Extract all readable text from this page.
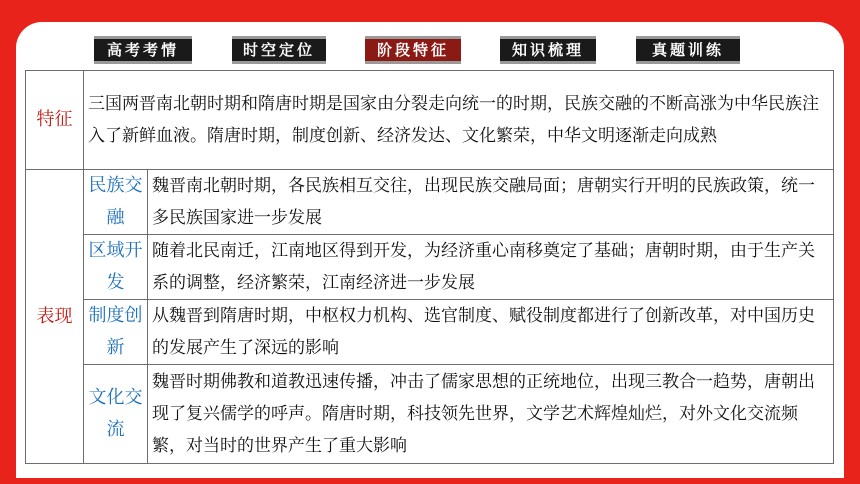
高考考情	时空定位	阶段特征	知识梳理	真题训练
特征	三国两晋南北朝时期和隋唐时期是国家由分裂走向统一的时期，民族交融的不断高涨为中华民族注入了新鲜血液。隋唐时期，制度创新、经济发达、文化繁荣，中华文明逐渐走向成熟	
表现	民族交融	魏晋南北朝时期，各民族相互交往，出现民族交融局面；唐朝实行开明的民族政策，统一多民族国家进一步发展
	区域开发	随着北民南迁，江南地区得到开发，为经济重心南移奠定了基础；唐朝时期，由于生产关系的调整，经济繁荣，江南经济进一步发展
	制度创新	从魏晋到隋唐时期，中枢权力机构、选官制度、赋役制度都进行了创新改革，对中国历史的发展产生了深远的影响
	文化交流	魏晋时期佛教和道教迅速传播，冲击了儒家思想的正统地位，出现三教合一趋势，唐朝出现了复兴儒学的呼声。隋唐时期，科技领先世界，文学艺术辉煌灿烂，对外文化交流频繁，对当时的世界产生了重大影响
